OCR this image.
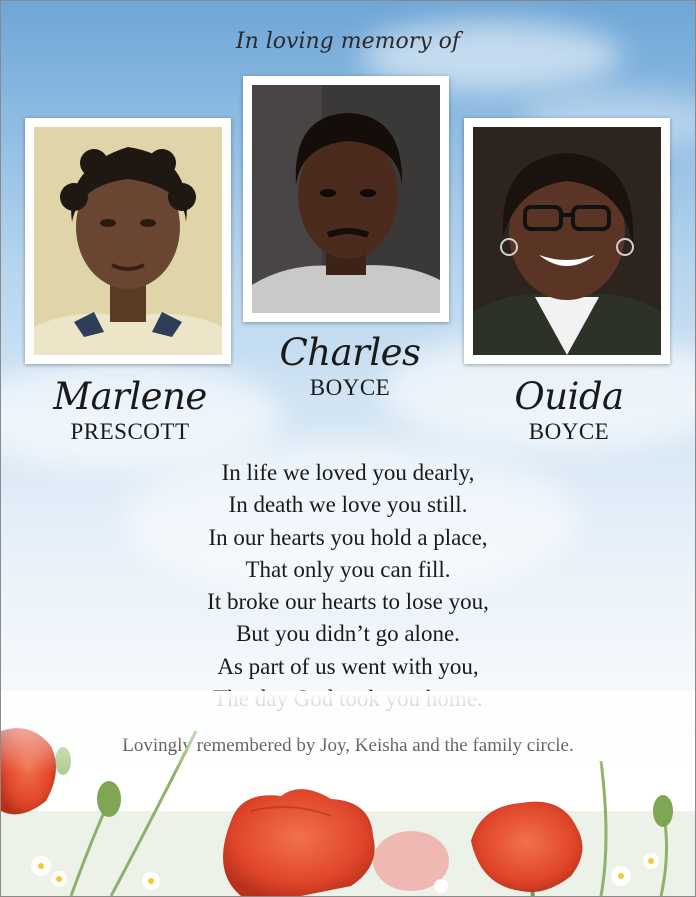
In loving memory of
Marlene
PRESCOTT
Charles
BOYCE	Ouida
BOYCE
In life we loved you dearly,
In death we love you still.
In our hearts you hold a place,
That only you can fill.
It broke our hearts to lose you,
But you didn’t go alone.
As part of us went with you,
